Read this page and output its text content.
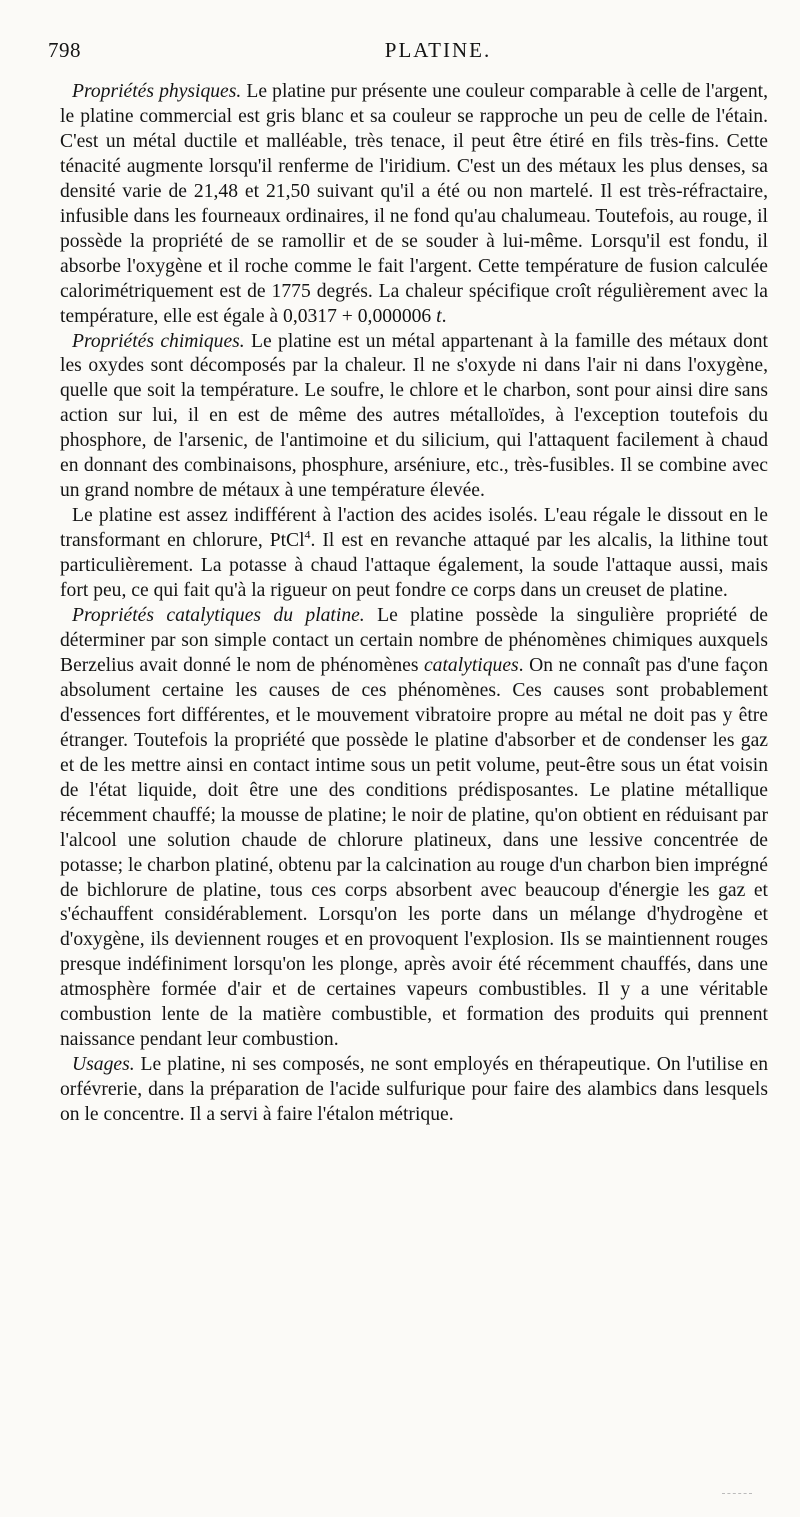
798	PLATINE.

Propriétés physiques. Le platine pur présente une couleur comparable à celle de l'argent, le platine commercial est gris blanc et sa couleur se rapproche un peu de celle de l'étain. C'est un métal ductile et malléable, très tenace, il peut être étiré en fils très-fins. Cette ténacité augmente lorsqu'il renferme de l'iridium. C'est un des métaux les plus denses, sa densité varie de 21,48 et 21,50 suivant qu'il a été ou non martelé. Il est très-réfractaire, infusible dans les fourneaux ordinaires, il ne fond qu'au chalumeau. Toutefois, au rouge, il possède la propriété de se ramollir et de se souder à lui-même. Lorsqu'il est fondu, il absorbe l'oxygène et il roche comme le fait l'argent. Cette température de fusion calculée calorimétriquement est de 1775 degrés. La chaleur spécifique croît régulièrement avec la température, elle est égale à 0,0317 + 0,000006 t.

Propriétés chimiques. Le platine est un métal appartenant à la famille des métaux dont les oxydes sont décomposés par la chaleur. Il ne s'oxyde ni dans l'air ni dans l'oxygène, quelle que soit la température. Le soufre, le chlore et le charbon, sont pour ainsi dire sans action sur lui, il en est de même des autres métalloïdes, à l'exception toutefois du phosphore, de l'arsenic, de l'antimoine et du silicium, qui l'attaquent facilement à chaud en donnant des combinaisons, phosphure, arséniure, etc., très-fusibles. Il se combine avec un grand nombre de métaux à une température élevée.

Le platine est assez indifférent à l'action des acides isolés. L'eau régale le dissout en le transformant en chlorure, PtCl$^4$. Il est en revanche attaqué par les alcalis, la lithine tout particulièrement. La potasse à chaud l'attaque également, la soude l'attaque aussi, mais fort peu, ce qui fait qu'à la rigueur on peut fondre ce corps dans un creuset de platine.

Propriétés catalytiques du platine. Le platine possède la singulière propriété de déterminer par son simple contact un certain nombre de phénomènes chimiques auxquels Berzelius avait donné le nom de phénomènes catalytiques. On ne connaît pas d'une façon absolument certaine les causes de ces phénomènes. Ces causes sont probablement d'essences fort différentes, et le mouvement vibratoire propre au métal ne doit pas y être étranger. Toutefois la propriété que possède le platine d'absorber et de condenser les gaz et de les mettre ainsi en contact intime sous un petit volume, peut-être sous un état voisin de l'état liquide, doit être une des conditions prédisposantes. Le platine métallique récemment chauffé; la mousse de platine; le noir de platine, qu'on obtient en réduisant par l'alcool une solution chaude de chlorure platineux, dans une lessive concentrée de potasse; le charbon platiné, obtenu par la calcination au rouge d'un charbon bien imprégné de bichlorure de platine, tous ces corps absorbent avec beaucoup d'énergie les gaz et s'échauffent considérablement. Lorsqu'on les porte dans un mélange d'hydrogène et d'oxygène, ils deviennent rouges et en provoquent l'explosion. Ils se maintiennent rouges presque indéfiniment lorsqu'on les plonge, après avoir été récemment chauffés, dans une atmosphère formée d'air et de certaines vapeurs combustibles. Il y a une véritable combustion lente de la matière combustible, et formation des produits qui prennent naissance pendant leur combustion.

Usages. Le platine, ni ses composés, ne sont employés en thérapeutique. On l'utilise en orfévrerie, dans la préparation de l'acide sulfurique pour faire des alambics dans lesquels on le concentre. Il a servi à faire l'étalon métrique.
